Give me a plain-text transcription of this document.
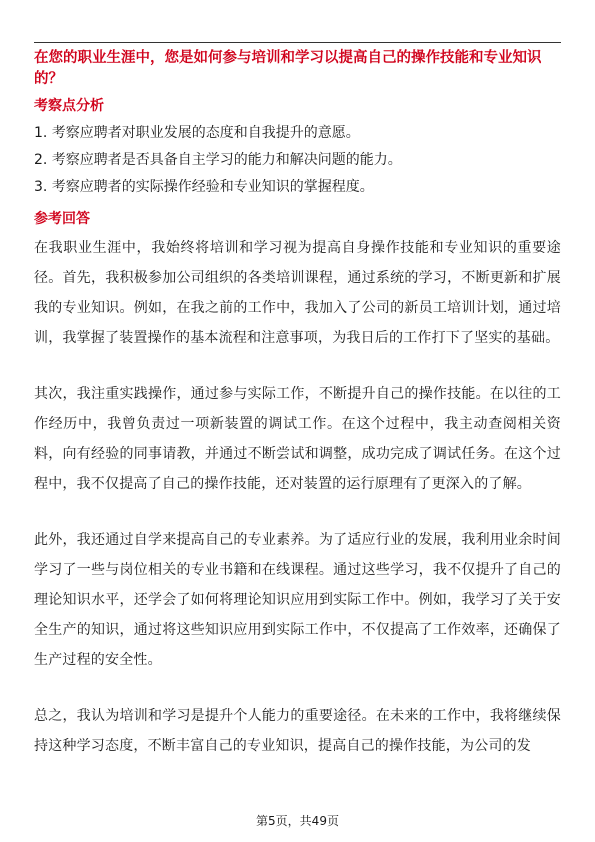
在您的职业生涯中，您是如何参与培训和学习以提高自己的操作技能和专业知识的？

考察点分析
1. 考察应聘者对职业发展的态度和自我提升的意愿。
2. 考察应聘者是否具备自主学习的能力和解决问题的能力。
3. 考察应聘者的实际操作经验和专业知识的掌握程度。
参考回答

在我职业生涯中，我始终将培训和学习视为提高自身操作技能和专业知识的重要途径。首先，我积极参加公司组织的各类培训课程，通过系统的学习，不断更新和扩展我的专业知识。例如，在我之前的工作中，我加入了公司的新员工培训计划，通过培训，我掌握了装置操作的基本流程和注意事项，为我日后的工作打下了坚实的基础。

其次，我注重实践操作，通过参与实际工作，不断提升自己的操作技能。在以往的工作经历中，我曾负责过一项新装置的调试工作。在这个过程中，我主动查阅相关资料，向有经验的同事请教，并通过不断尝试和调整，成功完成了调试任务。在这个过程中，我不仅提高了自己的操作技能，还对装置的运行原理有了更深入的了解。

此外，我还通过自学来提高自己的专业素养。为了适应行业的发展，我利用业余时间学习了一些与岗位相关的专业书籍和在线课程。通过这些学习，我不仅提升了自己的理论知识水平，还学会了如何将理论知识应用到实际工作中。例如，我学习了关于安全生产的知识，通过将这些知识应用到实际工作中，不仅提高了工作效率，还确保了生产过程的安全性。

总之，我认为培训和学习是提升个人能力的重要途径。在未来的工作中，我将继续保持这种学习态度，不断丰富自己的专业知识，提高自己的操作技能，为公司的发

第5页，共49页
